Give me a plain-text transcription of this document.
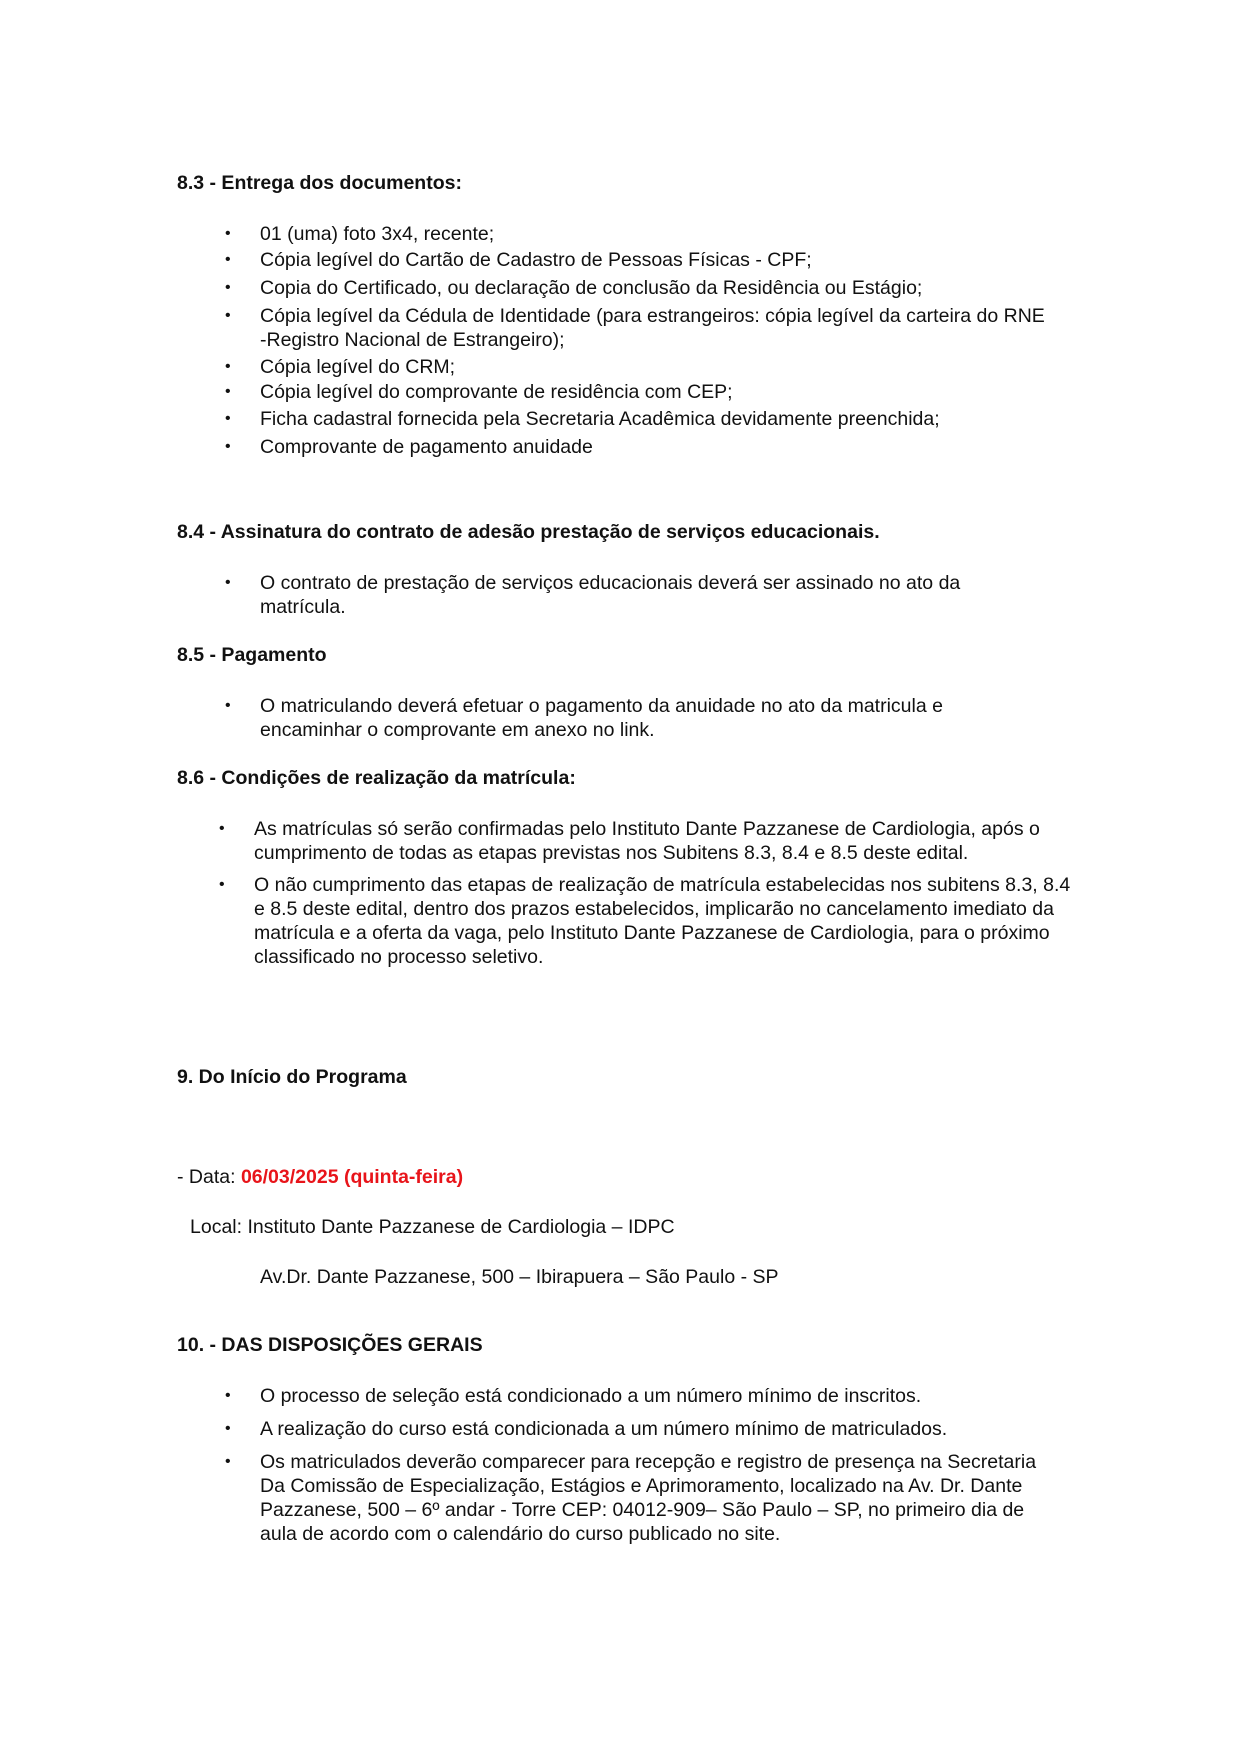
8.3 - Entrega dos documentos:
• 01 (uma) foto 3x4, recente;
• Cópia legível do Cartão de Cadastro de Pessoas Físicas - CPF;
• Copia do Certificado, ou declaração de conclusão da Residência ou Estágio;
• Cópia legível da Cédula de Identidade (para estrangeiros: cópia legível da carteira do RNE -Registro Nacional de Estrangeiro);
• Cópia legível do CRM;
• Cópia legível do comprovante de residência com CEP;
• Ficha cadastral fornecida pela Secretaria Acadêmica devidamente preenchida;
• Comprovante de pagamento anuidade
8.4 - Assinatura do contrato de adesão prestação de serviços educacionais.
• O contrato de prestação de serviços educacionais deverá ser assinado no ato da matrícula.
8.5 - Pagamento
• O matriculando deverá efetuar o pagamento da anuidade no ato da matricula e encaminhar o comprovante em anexo no link.
8.6 - Condições de realização da matrícula:
• As matrículas só serão confirmadas pelo Instituto Dante Pazzanese de Cardiologia, após o cumprimento de todas as etapas previstas nos Subitens 8.3, 8.4 e 8.5 deste edital.
• O não cumprimento das etapas de realização de matrícula estabelecidas nos subitens 8.3, 8.4 e 8.5 deste edital, dentro dos prazos estabelecidos, implicarão no cancelamento imediato da matrícula e a oferta da vaga, pelo Instituto Dante Pazzanese de Cardiologia, para o próximo classificado no processo seletivo.
9. Do Início do Programa
- Data: 06/03/2025 (quinta-feira)
Local: Instituto Dante Pazzanese de Cardiologia – IDPC
Av.Dr. Dante Pazzanese, 500 – Ibirapuera – São Paulo - SP
10. - DAS DISPOSIÇÕES GERAIS
• O processo de seleção está condicionado a um número mínimo de inscritos.
• A realização do curso está condicionada a um número mínimo de matriculados.
• Os matriculados deverão comparecer para recepção e registro de presença na Secretaria Da Comissão de Especialização, Estágios e Aprimoramento, localizado na Av. Dr. Dante Pazzanese, 500 – 6º andar - Torre CEP: 04012-909– São Paulo – SP, no primeiro dia de aula de acordo com o calendário do curso publicado no site.
